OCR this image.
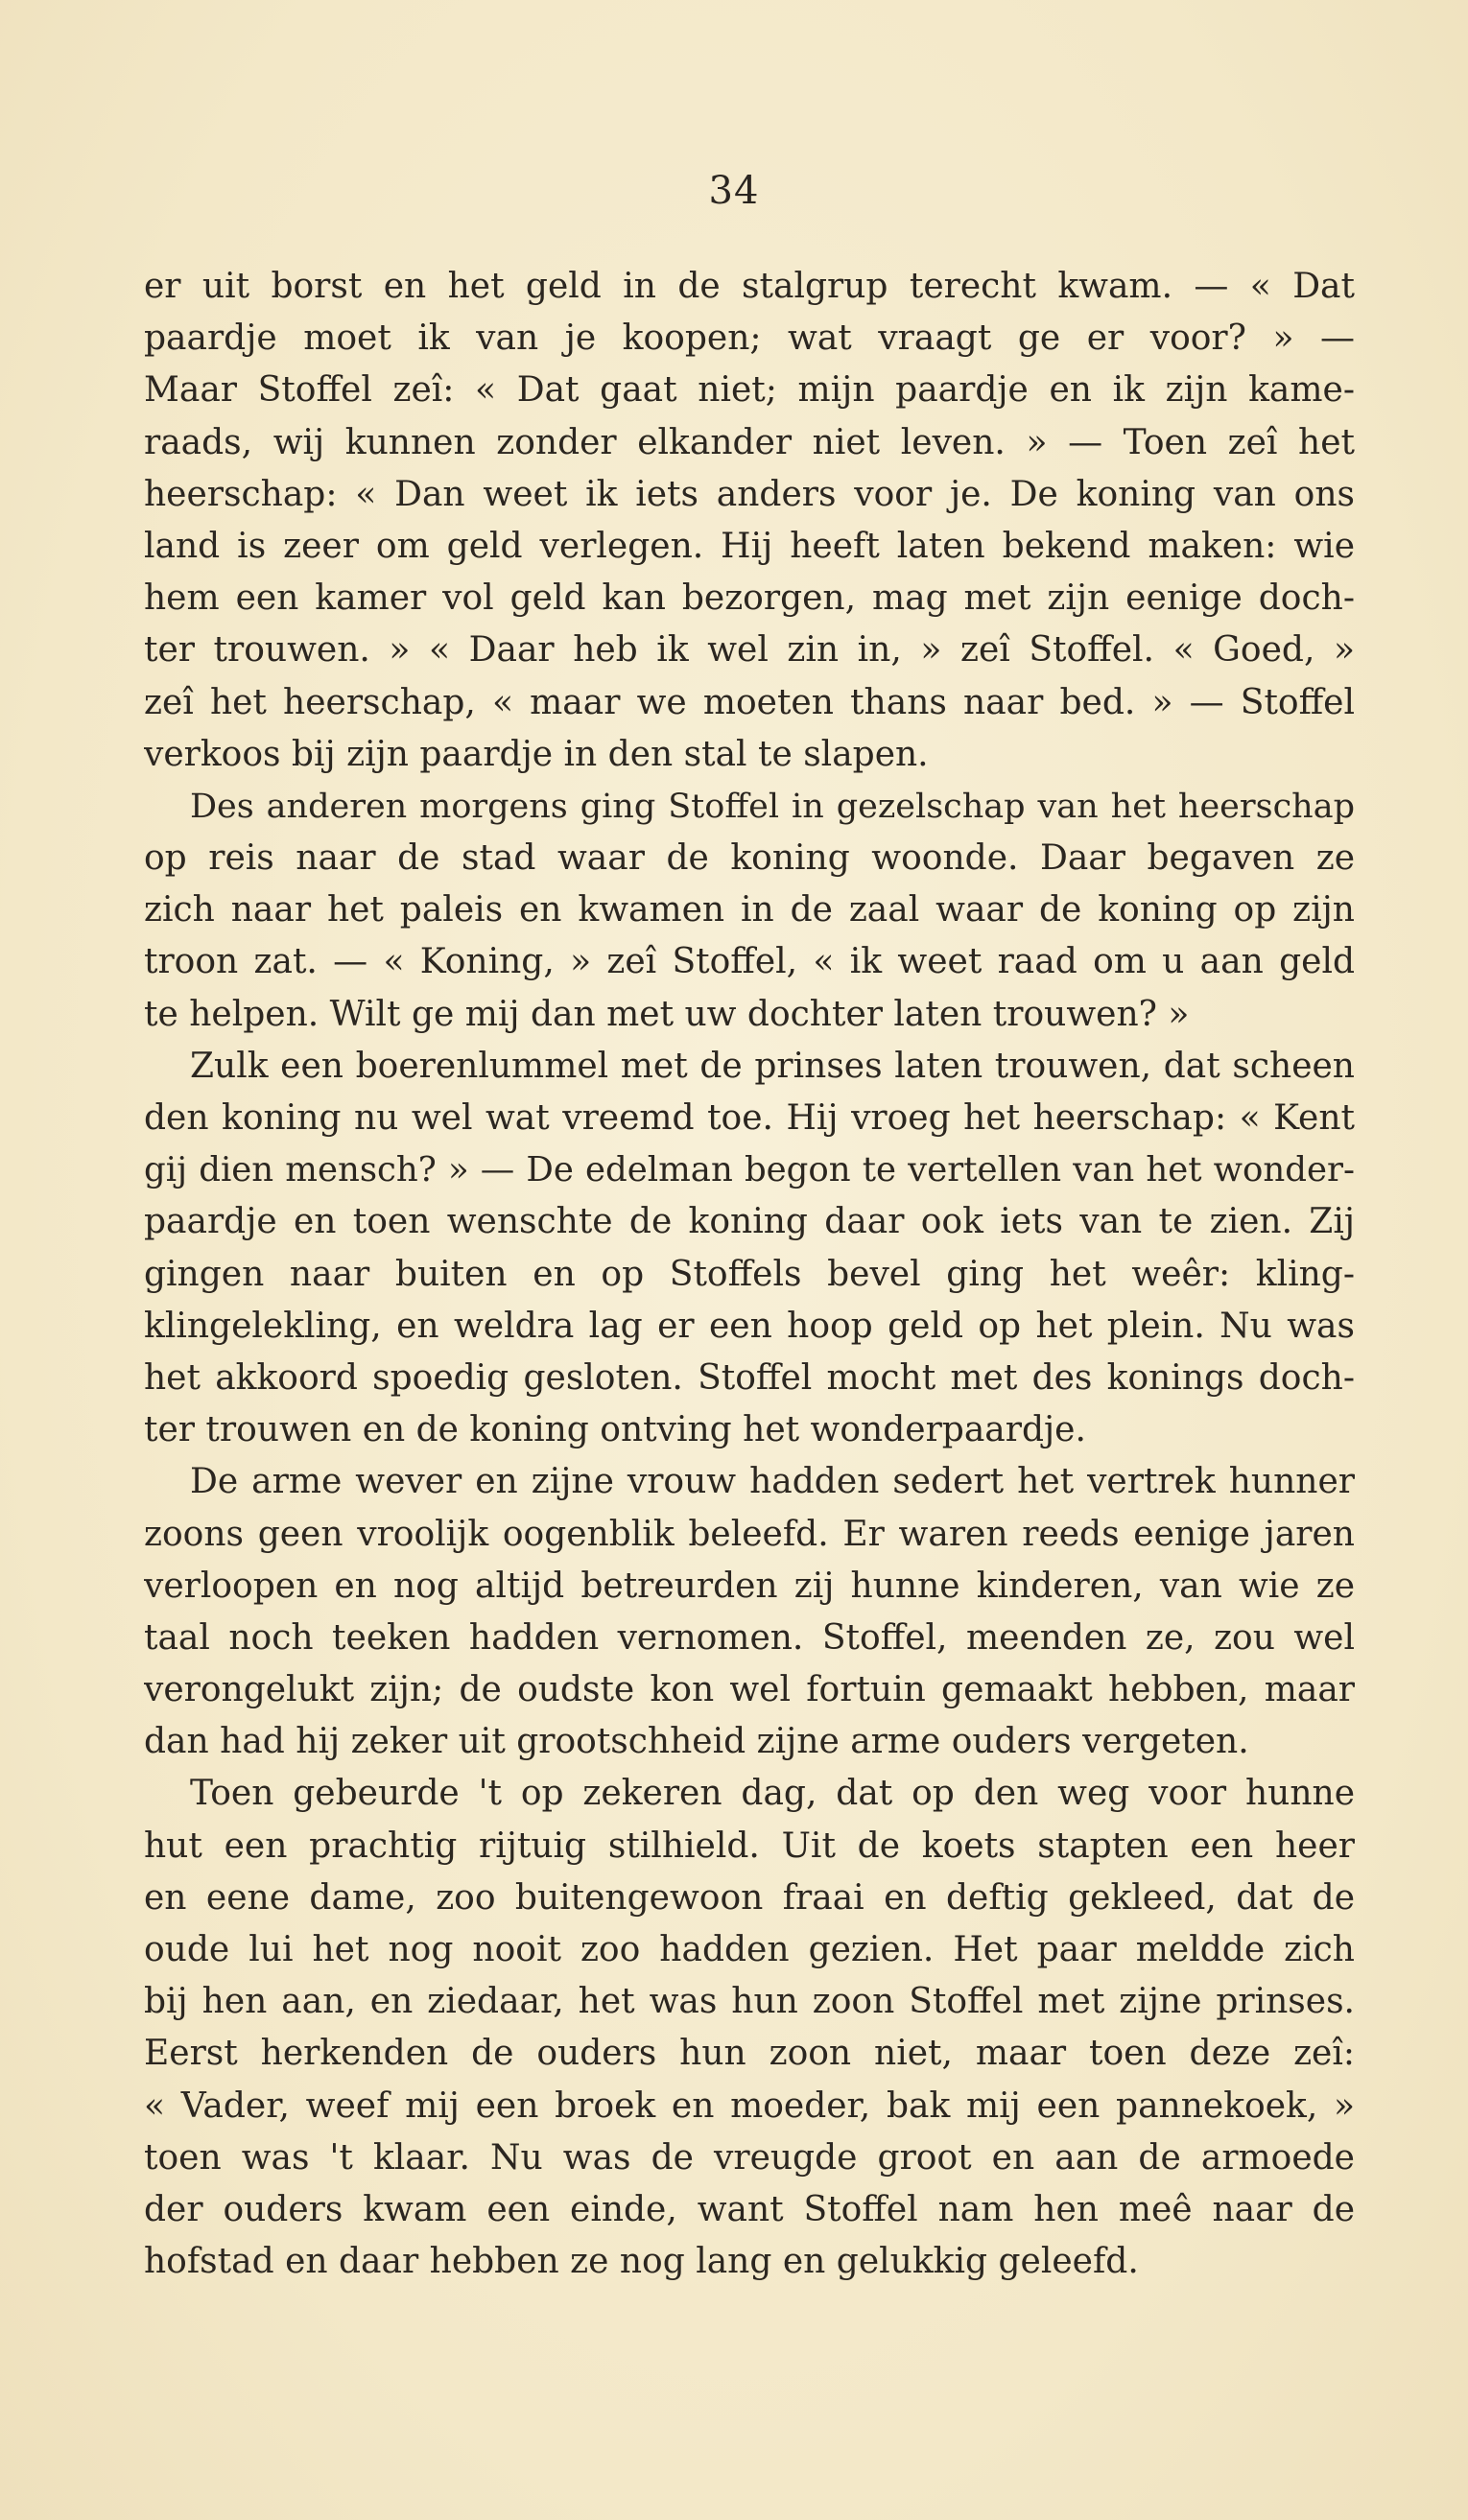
34
er uit borst en het geld in de stalgrup terecht kwam. — « Dat
paardje moet ik van je koopen; wat vraagt ge er voor? » —
Maar Stoffel zeî: « Dat gaat niet; mijn paardje en ik zijn kame-
raads, wij kunnen zonder elkander niet leven. » — Toen zeî het
heerschap: « Dan weet ik iets anders voor je. De koning van ons
land is zeer om geld verlegen. Hij heeft laten bekend maken: wie
hem een kamer vol geld kan bezorgen, mag met zijn eenige doch-
ter trouwen. » « Daar heb ik wel zin in, » zeî Stoffel. « Goed, »
zeî het heerschap, « maar we moeten thans naar bed. » — Stoffel
verkoos bij zijn paardje in den stal te slapen.
Des anderen morgens ging Stoffel in gezelschap van het heerschap
op reis naar de stad waar de koning woonde. Daar begaven ze
zich naar het paleis en kwamen in de zaal waar de koning op zijn
troon zat. — « Koning, » zeî Stoffel, « ik weet raad om u aan geld
te helpen. Wilt ge mij dan met uw dochter laten trouwen? »
Zulk een boerenlummel met de prinses laten trouwen, dat scheen
den koning nu wel wat vreemd toe. Hij vroeg het heerschap: « Kent
gij dien mensch? » — De edelman begon te vertellen van het wonder-
paardje en toen wenschte de koning daar ook iets van te zien. Zij
gingen naar buiten en op Stoffels bevel ging het weêr: kling-
klingelekling, en weldra lag er een hoop geld op het plein. Nu was
het akkoord spoedig gesloten. Stoffel mocht met des konings doch-
ter trouwen en de koning ontving het wonderpaardje.
De arme wever en zijne vrouw hadden sedert het vertrek hunner
zoons geen vroolijk oogenblik beleefd. Er waren reeds eenige jaren
verloopen en nog altijd betreurden zij hunne kinderen, van wie ze
taal noch teeken hadden vernomen. Stoffel, meenden ze, zou wel
verongelukt zijn; de oudste kon wel fortuin gemaakt hebben, maar
dan had hij zeker uit grootschheid zijne arme ouders vergeten.
Toen gebeurde 't op zekeren dag, dat op den weg voor hunne
hut een prachtig rijtuig stilhield. Uit de koets stapten een heer
en eene dame, zoo buitengewoon fraai en deftig gekleed, dat de
oude lui het nog nooit zoo hadden gezien. Het paar meldde zich
bij hen aan, en ziedaar, het was hun zoon Stoffel met zijne prinses.
Eerst herkenden de ouders hun zoon niet, maar toen deze zeî:
« Vader, weef mij een broek en moeder, bak mij een pannekoek, »
toen was 't klaar. Nu was de vreugde groot en aan de armoede
der ouders kwam een einde, want Stoffel nam hen meê naar de
hofstad en daar hebben ze nog lang en gelukkig geleefd.
